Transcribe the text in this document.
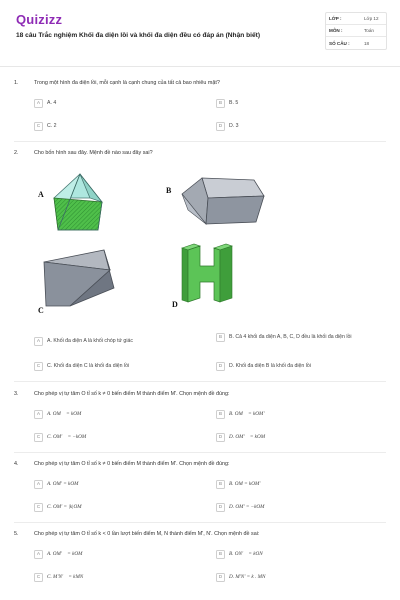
Quizizz
18 câu Trắc nghiệm Khối đa diện lồi và khối đa diện đều có đáp án (Nhận biết)
LỚP :	Lớp 12
MÔN :	Toán
SỐ CÂU :	18
1.	Trong một hình đa diện lồi, mỗi cạnh là cạnh chung của tất cả bao nhiêu mặt?
A	A. 4	B	B. 5
C	C. 2	D	D. 3
2.	Cho bốn hình sau đây. Mệnh đề nào sau đây sai?
A	B
C
D
A	A. Khối đa diện A là khối chóp tứ giác
B	B. Cả 4 khối đa diện A, B, C, D đều là khối đa diện lồi
C	C. Khối đa diện C là khối đa diện lồi	D	D. Khối đa diện B là khối đa diện lồi
3.	Cho phép vị tự tâm O tỉ số k ≠ 0 biến điểm M thành điểm M'. Chọn mệnh đề đúng:
A	A. OM⃗ = kOM⃗	B	B. OM⃗ = kOM'⃗
C	C. OM'⃗ = −kOM⃗	D	D. OM'⃗ = kOM⃗
4.	Cho phép vị tự tâm O tỉ số k ≠ 0 biến điểm M thành điểm M'. Chọn mệnh đề đúng:
A	A. OM' = kOM	B	B. OM = kOM'
C	C. OM' = |k|OM	D	D. OM' = −kOM
5.	Cho phép vị tự tâm O tỉ số k < 0 lần lượt biến điểm M, N thành điểm M', N'. Chọn mệnh đề sai:
A	A. OM'⃗ = kOM⃗	B	B. ON'⃗ = kON⃗
C	C. M'N'⃗ = kMN⃗	D	D. M'N' = k . MN
